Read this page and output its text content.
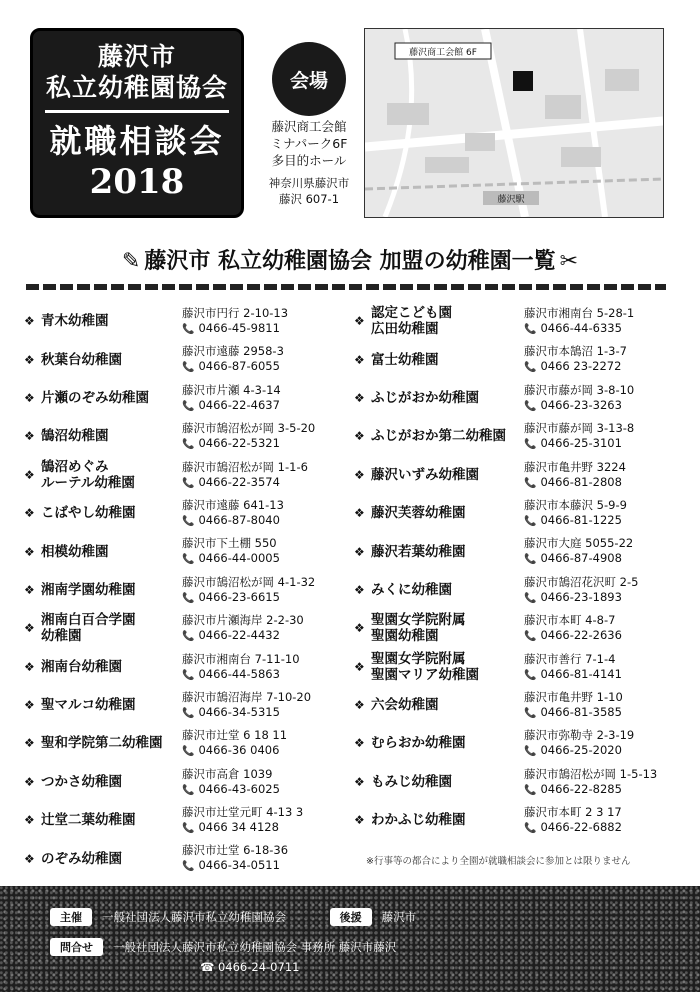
藤沢市
私立幼稚園協会
就職相談会
2018
会場
藤沢商工会館
ミナパーク6F
多目的ホール
神奈川県藤沢市
藤沢 607-1
藤沢商工会館 6F
藤沢駅
✎ 藤沢市 私立幼稚園協会 加盟の幼稚園一覧 ✂
❖ 青木幼稚園
藤沢市円行 2-10-13
📞 0466-45-9811
❖ 秋葉台幼稚園
藤沢市遠藤 2958-3
📞 0466-87-6055
❖ 片瀬のぞみ幼稚園
藤沢市片瀬 4-3-14
📞 0466-22-4637
❖ 鵠沼幼稚園
藤沢市鵠沼松が岡 3-5-20
📞 0466-22-5321
❖ 鵠沼めぐみ
ルーテル幼稚園
藤沢市鵠沼松が岡 1-1-6
📞 0466-22-3574
❖ こばやし幼稚園
藤沢市遠藤 641-13
📞 0466-87-8040
❖ 相模幼稚園
藤沢市下土棚 550
📞 0466-44-0005
❖ 湘南学園幼稚園
藤沢市鵠沼松が岡 4-1-32
📞 0466-23-6615
❖ 湘南白百合学園
幼稚園
藤沢市片瀬海岸 2-2-30
📞 0466-22-4432
❖ 湘南台幼稚園
藤沢市湘南台 7-11-10
📞 0466-44-5863
❖ 聖マルコ幼稚園
藤沢市鵠沼海岸 7-10-20
📞 0466-34-5315
❖ 聖和学院第二幼稚園
藤沢市辻堂 6 18 11
📞 0466-36 0406
❖ つかさ幼稚園
藤沢市高倉 1039
📞 0466-43-6025
❖ 辻堂二葉幼稚園
藤沢市辻堂元町 4-13 3
📞 0466 34 4128
❖ のぞみ幼稚園
藤沢市辻堂 6-18-36
📞 0466-34-0511
❖ 認定こども園
広田幼稚園
藤沢市湘南台 5-28-1
📞 0466-44-6335
❖ 富士幼稚園
藤沢市本鵠沼 1-3-7
📞 0466 23-2272
❖ ふじがおか幼稚園
藤沢市藤が岡 3-8-10
📞 0466-23-3263
❖ ふじがおか第二幼稚園
藤沢市藤が岡 3-13-8
📞 0466-25-3101
❖ 藤沢いずみ幼稚園
藤沢市亀井野 3224
📞 0466-81-2808
❖ 藤沢芙蓉幼稚園
藤沢市本藤沢 5-9-9
📞 0466-81-1225
❖ 藤沢若葉幼稚園
藤沢市大庭 5055-22
📞 0466-87-4908
❖ みくに幼稚園
藤沢市鵠沼花沢町 2-5
📞 0466-23-1893
❖ 聖園女学院附属
聖園幼稚園
藤沢市本町 4-8-7
📞 0466-22-2636
❖ 聖園女学院附属
聖園マリア幼稚園
藤沢市善行 7-1-4
📞 0466-81-4141
❖ 六会幼稚園
藤沢市亀井野 1-10
📞 0466-81-3585
❖ むらおか幼稚園
藤沢市弥勒寺 2-3-19
📞 0466-25-2020
❖ もみじ幼稚園
藤沢市鵠沼松が岡 1-5-13
📞 0466-22-8285
❖ わかふじ幼稚園
藤沢市本町 2 3 17
📞 0466-22-6882
※行事等の都合により全園が就職相談会に参加とは限りません
主催 一般社団法人藤沢市私立幼稚園協会	後援 藤沢市
問合せ 一般社団法人藤沢市私立幼稚園協会 事務所 藤沢市藤沢
☎ 0466-24-0711
